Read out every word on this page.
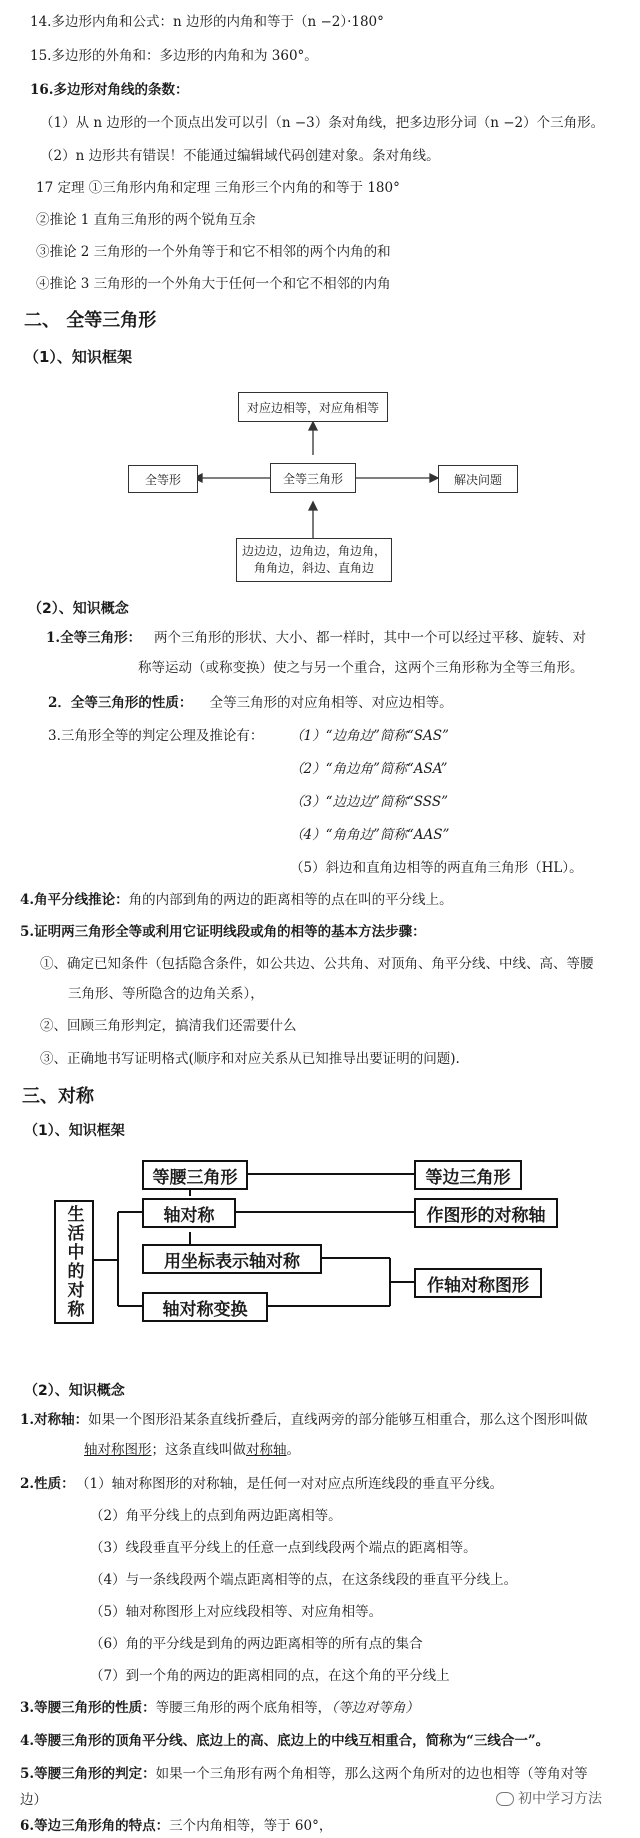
14.多边形内角和公式：n 边形的内角和等于（n −2）·180°
15.多边形的外角和：多边形的内角和为 360°。
16.多边形对角线的条数：
（1）从 n 边形的一个顶点出发可以引（n −3）条对角线，把多边形分词（n −2）个三角形。
（2）n 边形共有错误！不能通过编辑域代码创建对象。条对角线。
17 定理 ①三角形内角和定理 三角形三个内角的和等于 180°
②推论 1 直角三角形的两个锐角互余
③推论 2 三角形的一个外角等于和它不相邻的两个内角的和
④推论 3 三角形的一个外角大于任何一个和它不相邻的内角
二、 全等三角形
（1）、知识框架
对应边相等，对应角相等
全等形	全等三角形	解决问题
边边边，边角边，角边角，
角角边，斜边、直角边
（2）、知识概念
1.全等三角形： 两个三角形的形状、大小、都一样时，其中一个可以经过平移、旋转、对
称等运动（或称变换）使之与另一个重合，这两个三角形称为全等三角形。
2．全等三角形的性质： 全等三角形的对应角相等、对应边相等。
3.三角形全等的判定公理及推论有： （1）“边角边”简称“SAS”
（2）“角边角”简称“ASA”
（3）“边边边”简称“SSS”
（4）“角角边”简称“AAS”
（5）斜边和直角边相等的两直角三角形（HL）。
4.角平分线推论：角的内部到角的两边的距离相等的点在叫的平分线上。
5.证明两三角形全等或利用它证明线段或角的相等的基本方法步骤：
①、确定已知条件（包括隐含条件，如公共边、公共角、对顶角、角平分线、中线、高、等腰
三角形、等所隐含的边角关系），
②、回顾三角形判定，搞清我们还需要什么
③、正确地书写证明格式(顺序和对应关系从已知推导出要证明的问题).
三、对称
（1）、知识框架
生活中的对称
等腰三角形	等边三角形
轴对称	作图形的对称轴
用坐标表示轴对称
作轴对称图形
轴对称变换
（2）、知识概念
1.对称轴：如果一个图形沿某条直线折叠后，直线两旁的部分能够互相重合，那么这个图形叫做
轴对称图形；这条直线叫做对称轴。
2.性质： （1）轴对称图形的对称轴，是任何一对对应点所连线段的垂直平分线。
（2）角平分线上的点到角两边距离相等。
（3）线段垂直平分线上的任意一点到线段两个端点的距离相等。
（4）与一条线段两个端点距离相等的点，在这条线段的垂直平分线上。
（5）轴对称图形上对应线段相等、对应角相等。
（6）角的平分线是到角的两边距离相等的所有点的集合
（7）到一个角的两边的距离相同的点，在这个角的平分线上
3.等腰三角形的性质：等腰三角形的两个底角相等，（等边对等角）
4.等腰三角形的顶角平分线、底边上的高、底边上的中线互相重合，简称为“三线合一”。
5.等腰三角形的判定：如果一个三角形有两个角相等，那么这两个角所对的边也相等（等角对等
边）
6.等边三角形角的特点：三个内角相等，等于 60°，
初中学习方法
